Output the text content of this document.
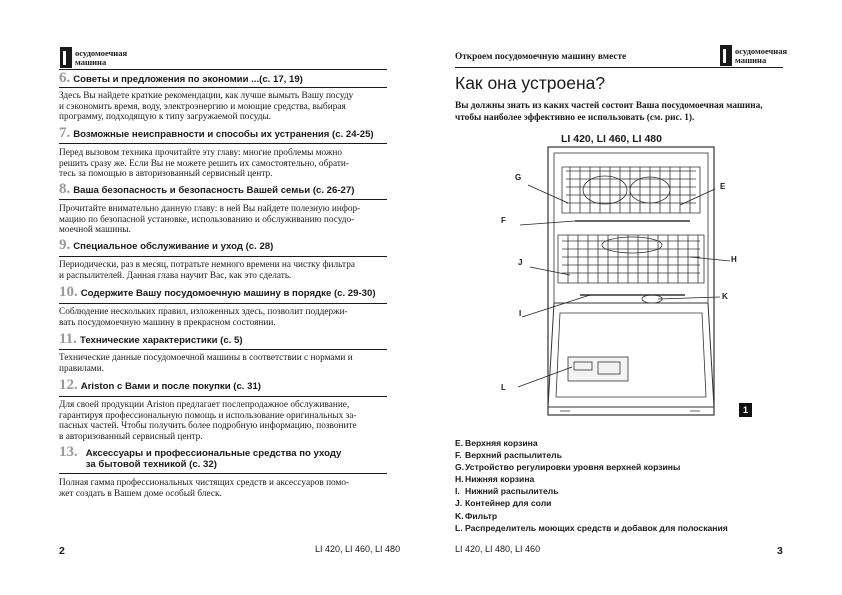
осудомоечная
машина
6. Советы и предложения по экономии ...(с. 17, 19)
Здесь Вы найдете краткие рекомендации, как лучше вымыть Вашу посуду
и сэкономить время, воду, электроэнергию и моющие средства, выбирая
программу, подходящую к типу загружаемой посуды.
7. Возможные неисправности и способы их устранения (с. 24-25)
Перед вызовом техника прочитайте эту главу: многие проблемы можно
решить сразу же. Если Вы не можете решить их самостоятельно, обрати-
тесь за помощью в авторизованный сервисный центр.
8. Ваша безопасность и безопасность Вашей семьи (с. 26-27)
Прочитайте внимательно данную главу: в ней Вы найдете полезную инфор-
мацию по безопасной установке, использованию и обслуживанию посудо-
моечной машины.
9. Специальное обслуживание и уход (с. 28)
Периодически, раз в месяц, потратьте немного времени на чистку фильтра
и распылителей. Данная глава научит Вас, как это сделать.
10. Содержите Вашу посудомоечную машину в порядке (с. 29-30)
Соблюдение нескольких правил, изложенных здесь, позволит поддержи-
вать посудомоечную машину в прекрасном состоянии.
11. Технические характеристики (с. 5)
Технические данные посудомоечной машины в соответствии с нормами и
правилами.
12. Ariston с Вами и после покупки (с. 31)
Для своей продукции Ariston предлагает послепродажное обслуживание,
гарантируя профессиональную помощь и использование оригинальных за-
пасных частей. Чтобы получить более подробную информацию, позвоните
в авторизованный сервисный центр.
13. Аксессуары и профессиональные средства по уходу
за бытовой техникой (с. 32)
Полная гамма профессиональных чистящих средств и аксессуаров помо-
жет создать в Вашем доме особый блеск.
2	LI 420, LI 460, LI 480
Откроем посудомоечную машину вместе
осудомоечная
машина
Как она устроена?
Вы должны знать из каких частей состоит Ваша посудомоечная машина,
чтобы наиболее эффективно ее использовать (см. рис. 1).
LI 420, LI 460, LI 480
G
E
F
J	H
I
K
L
1
E. Верхняя корзина
F. Верхний распылитель
G.Устройство регулировки уровня верхней корзины
H.Нижняя корзина
I. Нижний распылитель
J. Контейнер для соли
K.Фильтр
L. Распределитель моющих средств и добавок для полоскания
LI 420, LI 480, LI 460	3
